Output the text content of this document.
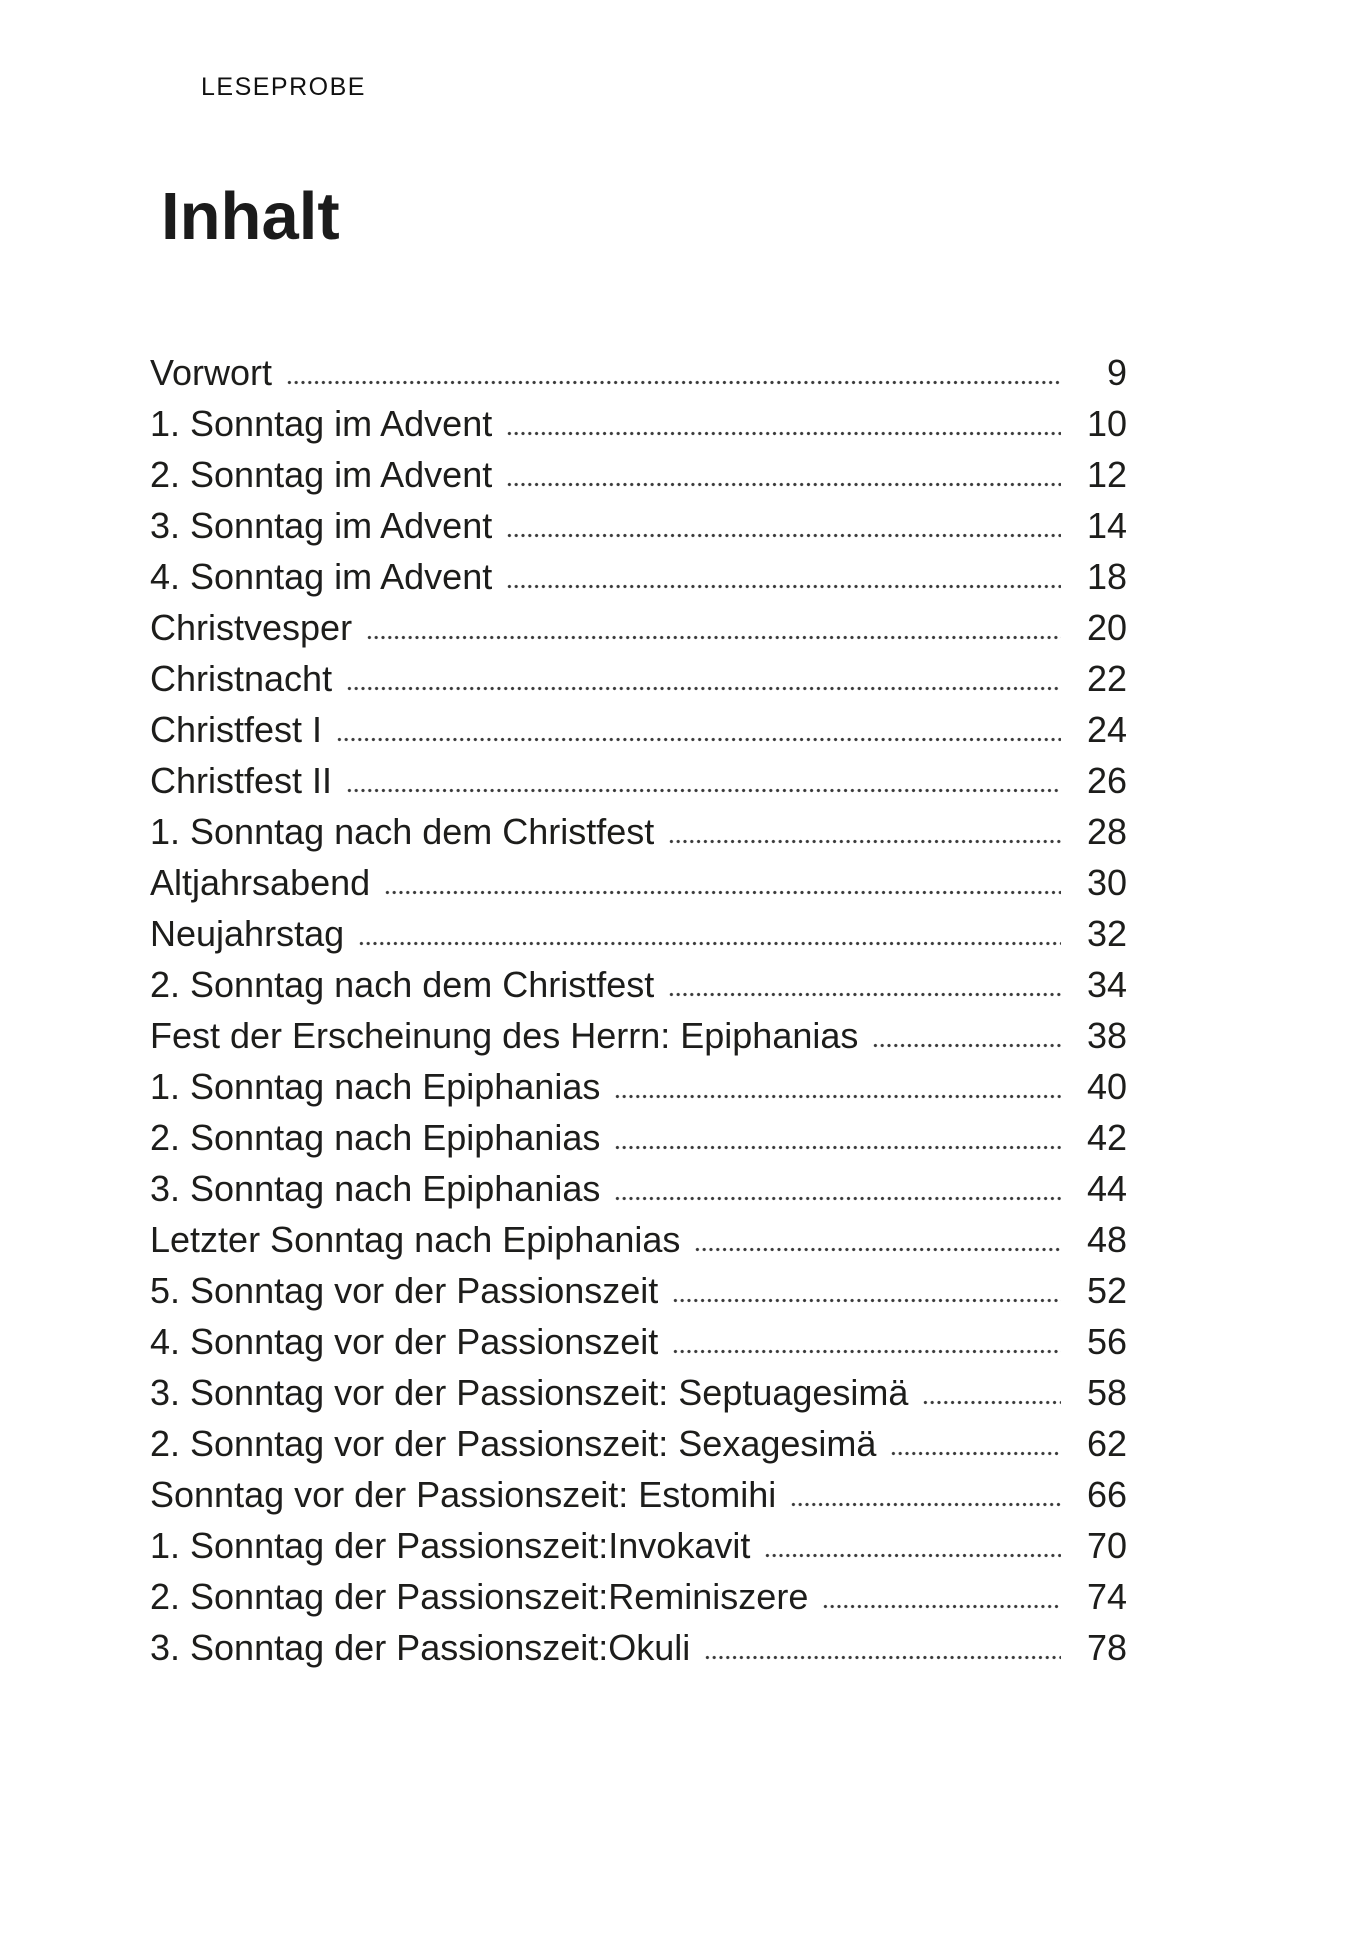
LESEPROBE
Inhalt
Vorwort	9
1. Sonntag im Advent	10
2. Sonntag im Advent	12
3. Sonntag im Advent	14
4. Sonntag im Advent	18
Christvesper	20
Christnacht	22
Christfest I	24
Christfest II	26
1. Sonntag nach dem Christfest	28
Altjahrsabend	30
Neujahrstag	32
2. Sonntag nach dem Christfest	34
Fest der Erscheinung des Herrn: Epiphanias	38
1. Sonntag nach Epiphanias	40
2. Sonntag nach Epiphanias	42
3. Sonntag nach Epiphanias	44
Letzter Sonntag nach Epiphanias	48
5. Sonntag vor der Passionszeit	52
4. Sonntag vor der Passionszeit	56
3. Sonntag vor der Passionszeit: Septuagesimä	58
2. Sonntag vor der Passionszeit: Sexagesimä	62
Sonntag vor der Passionszeit: Estomihi	66
1. Sonntag der Passionszeit:Invokavit	70
2. Sonntag der Passionszeit:Reminiszere	74
3. Sonntag der Passionszeit:Okuli	78
